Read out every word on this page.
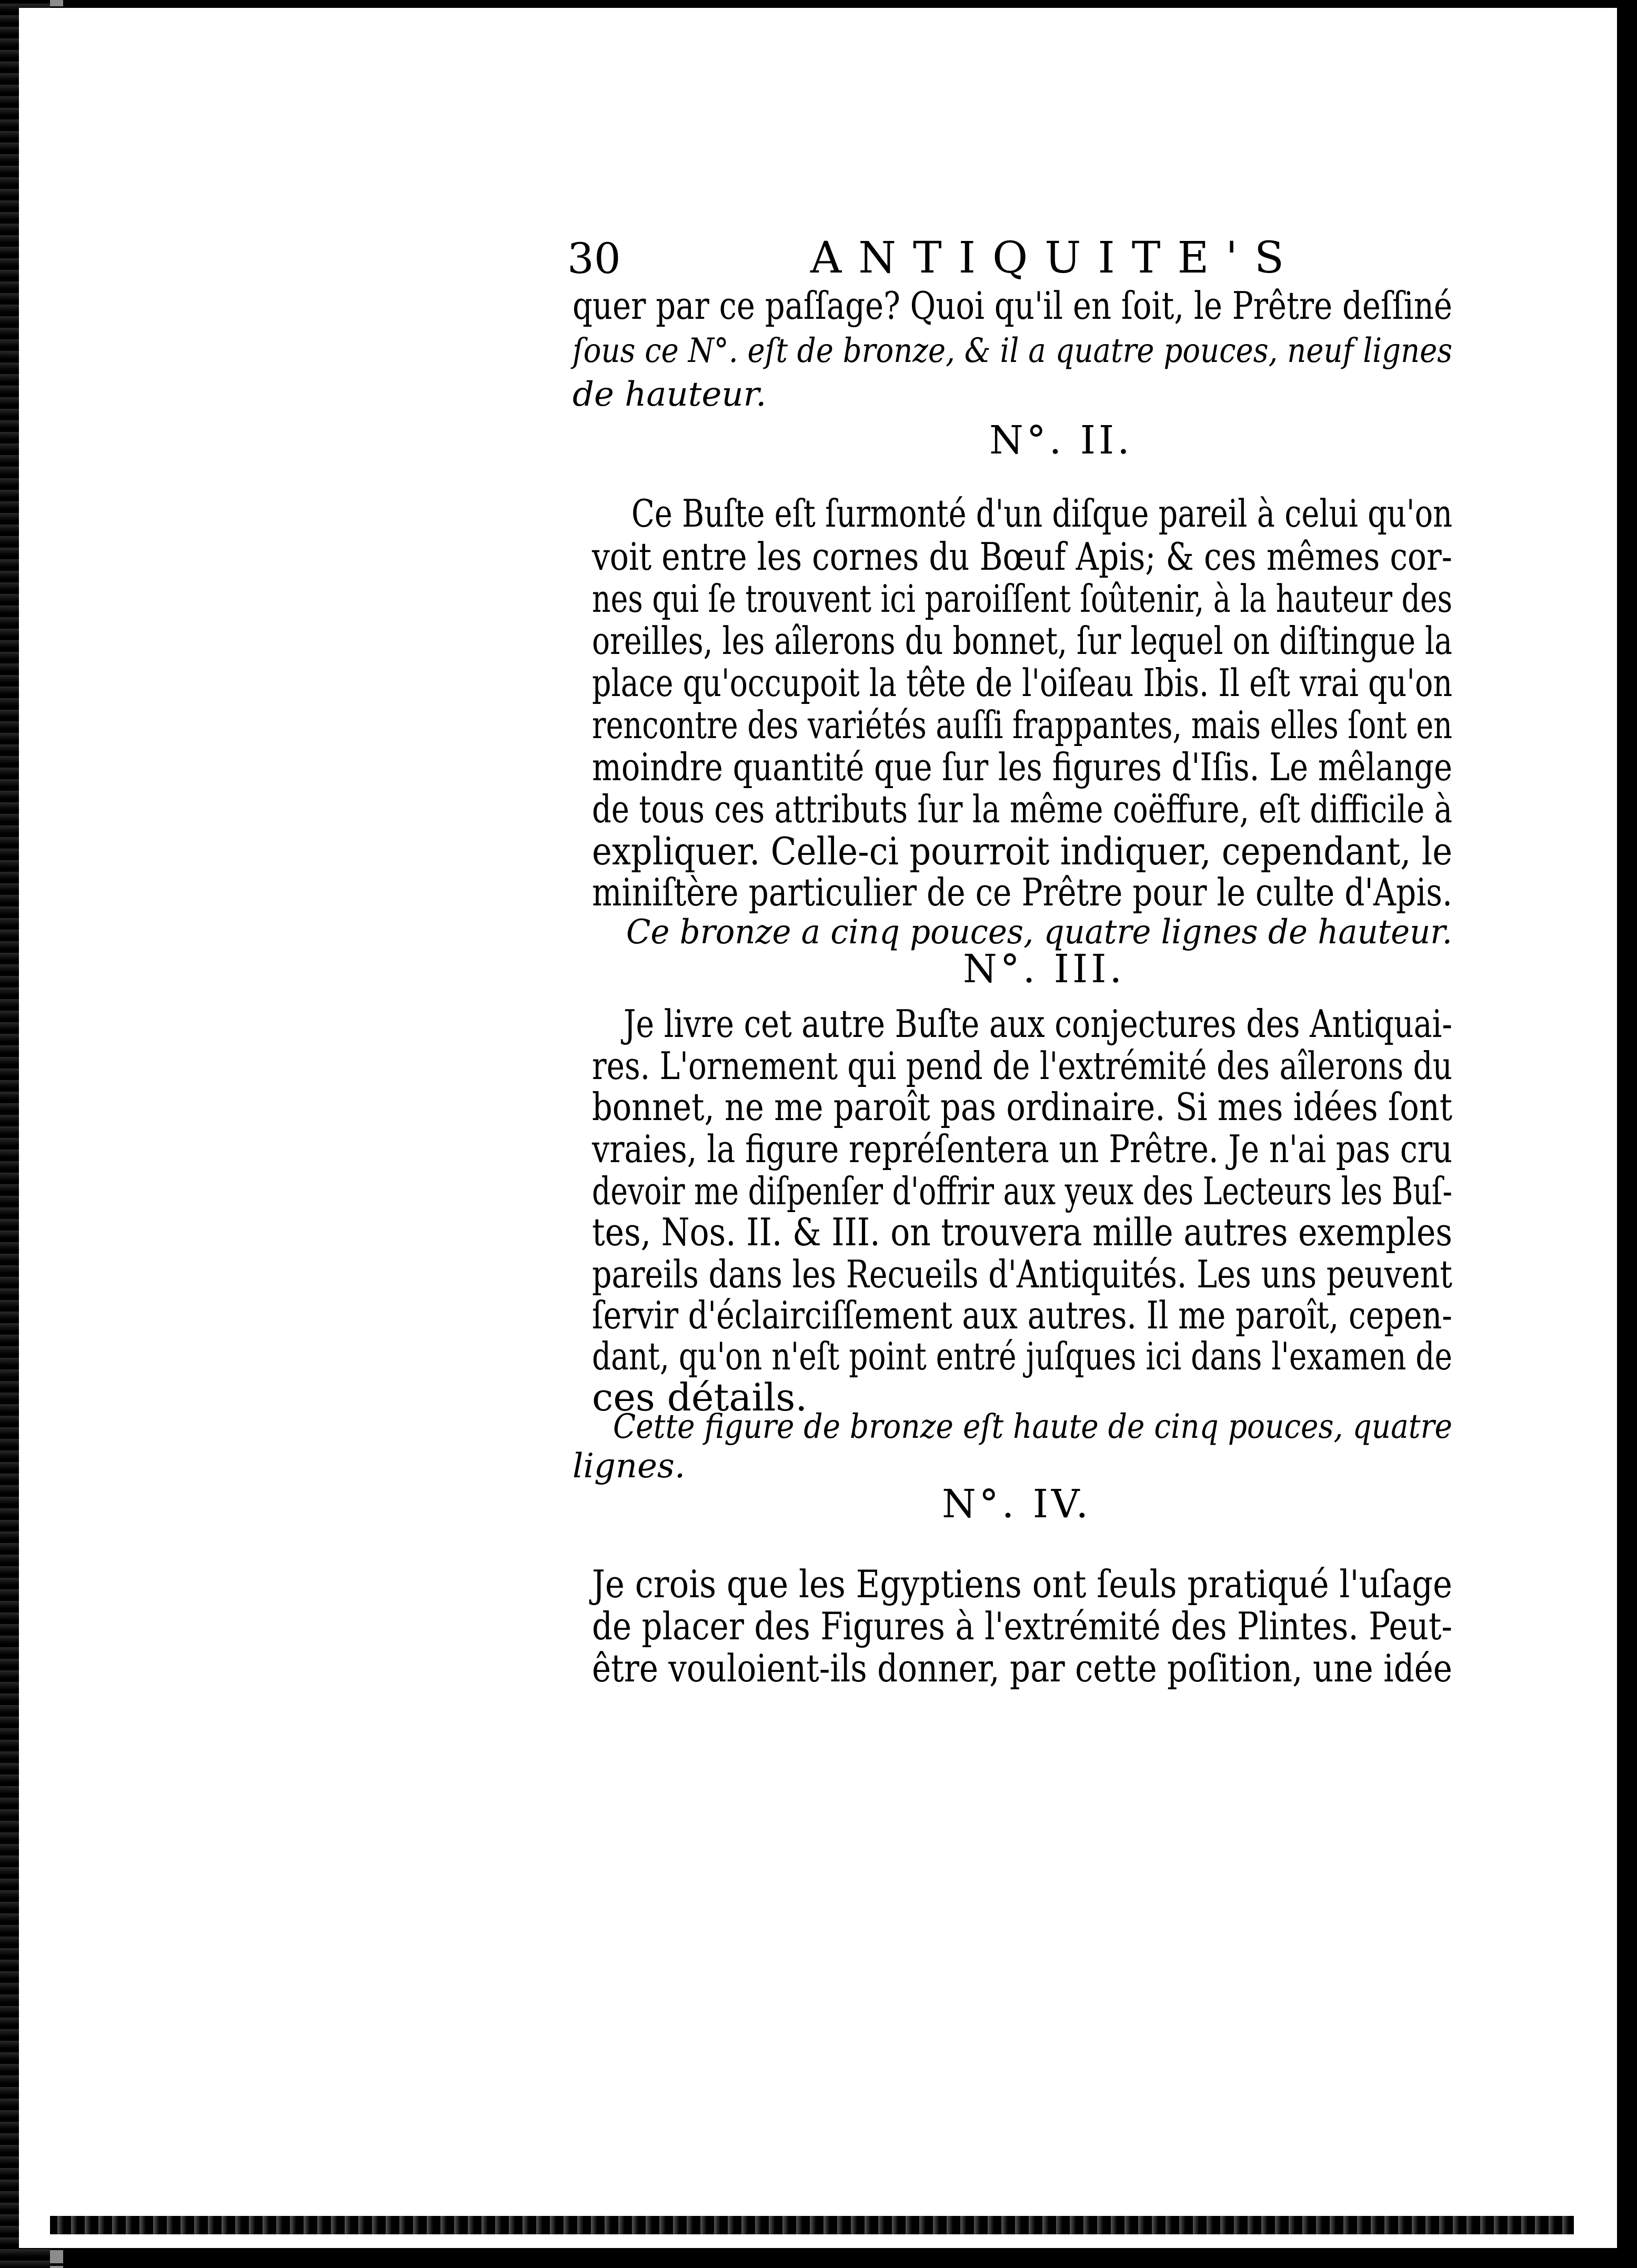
30	ANTIQUITE'S
quer par ce paſſage? Quoi qu'il en ſoit, le Prêtre deſſiné
ſous ce N°. eſt de bronze, & il a quatre pouces, neuf lignes
de hauteur.
N°. II.
Ce Buſte eſt ſurmonté d'un diſque pareil à celui qu'on
voit entre les cornes du Bœuf Apis; & ces mêmes cor-
nes qui ſe trouvent ici paroiſſent ſoûtenir, à la hauteur des
oreilles, les aîlerons du bonnet, ſur lequel on diſtingue la
place qu'occupoit la tête de l'oiſeau Ibis. Il eſt vrai qu'on
rencontre des variétés auſſi frappantes, mais elles ſont en
moindre quantité que ſur les figures d'Iſis. Le mêlange
de tous ces attributs ſur la même coëffure, eſt difficile à
expliquer. Celle-ci pourroit indiquer, cependant, le
miniſtère particulier de ce Prêtre pour le culte d'Apis.
Ce bronze a cinq pouces, quatre lignes de hauteur.
N°. III.
Je livre cet autre Buſte aux conjectures des Antiquai-
res. L'ornement qui pend de l'extrémité des aîlerons du
bonnet, ne me paroît pas ordinaire. Si mes idées ſont
vraies, la figure repréſentera un Prêtre. Je n'ai pas cru
devoir me diſpenſer d'offrir aux yeux des Lecteurs les Buſ-
tes, Nos. II. & III. on trouvera mille autres exemples
pareils dans les Recueils d'Antiquités. Les uns peuvent
ſervir d'éclairciſſement aux autres. Il me paroît, cepen-
dant, qu'on n'eſt point entré juſques ici dans l'examen de
ces détails.
Cette figure de bronze eſt haute de cinq pouces, quatre
lignes.
N°. IV.
Je crois que les Egyptiens ont ſeuls pratiqué l'uſage
de placer des Figures à l'extrémité des Plintes. Peut-
être vouloient-ils donner, par cette poſition, une idée
